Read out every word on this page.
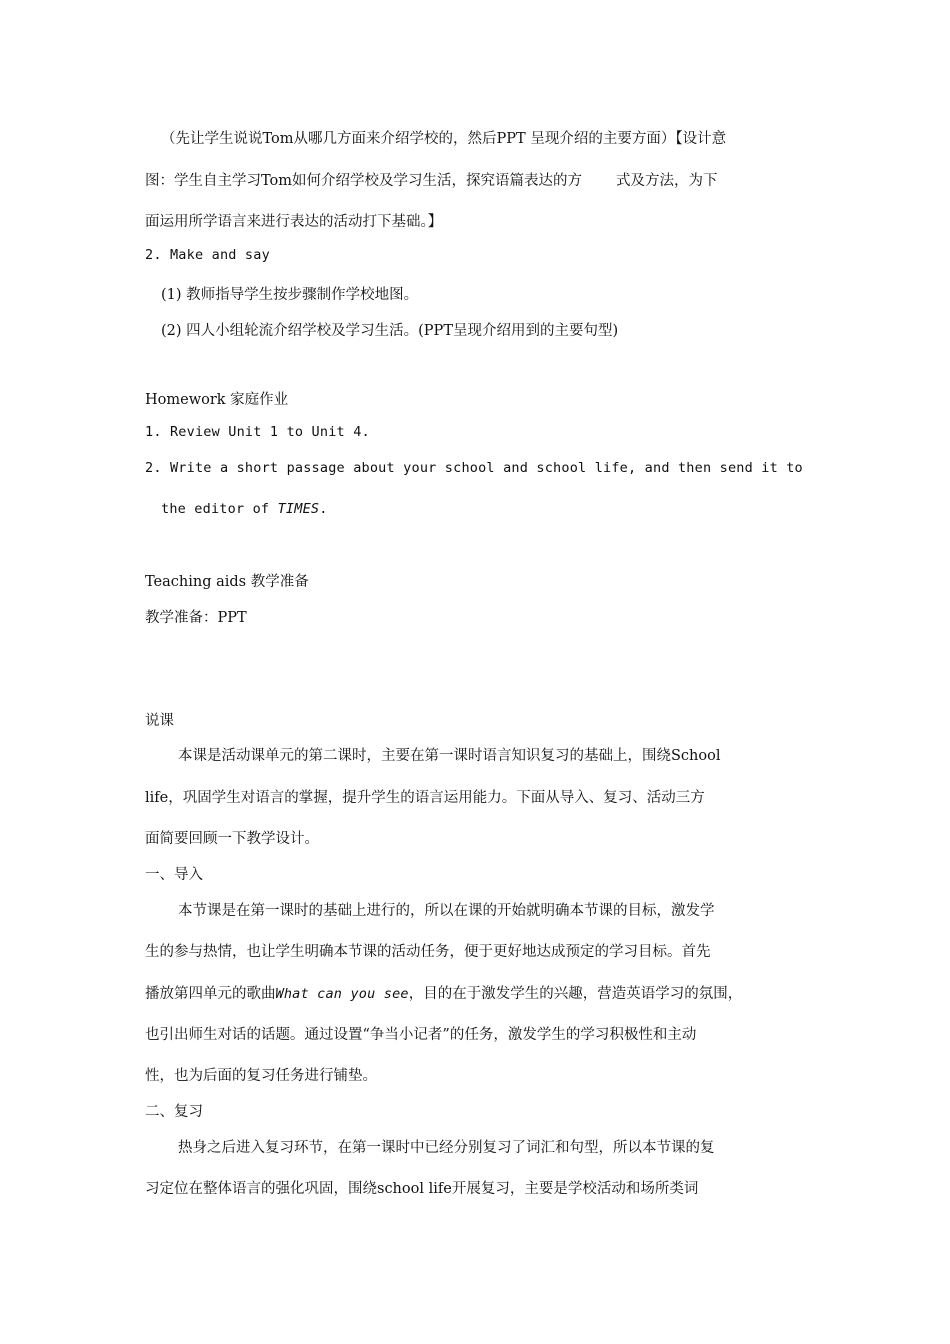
（先让学生说说Tom从哪几方面来介绍学校的，然后PPT 呈现介绍的主要方面）【设计意
图：学生自主学习Tom如何介绍学校及学习生活，探究语篇表达的方 式及方法，为下
面运用所学语言来进行表达的活动打下基础。】
2. Make and say
(1) 教师指导学生按步骤制作学校地图。
(2) 四人小组轮流介绍学校及学习生活。(PPT呈现介绍用到的主要句型)
Homework 家庭作业
1. Review Unit 1 to Unit 4.
2. Write a short passage about your school and school life, and then send it to
the editor of TIMES.
Teaching aids 教学准备
教学准备：PPT
说课
本课是活动课单元的第二课时，主要在第一课时语言知识复习的基础上，围绕School
life，巩固学生对语言的掌握，提升学生的语言运用能力。下面从导入、复习、活动三方
面简要回顾一下教学设计。
一、导入
本节课是在第一课时的基础上进行的，所以在课的开始就明确本节课的目标，激发学
生的参与热情，也让学生明确本节课的活动任务，便于更好地达成预定的学习目标。首先
播放第四单元的歌曲What can you see，目的在于激发学生的兴趣，营造英语学习的氛围，
也引出师生对话的话题。通过设置“争当小记者”的任务，激发学生的学习积极性和主动
性，也为后面的复习任务进行铺垫。
二、复习
热身之后进入复习环节，在第一课时中已经分别复习了词汇和句型，所以本节课的复
习定位在整体语言的强化巩固，围绕school life开展复习，主要是学校活动和场所类词
